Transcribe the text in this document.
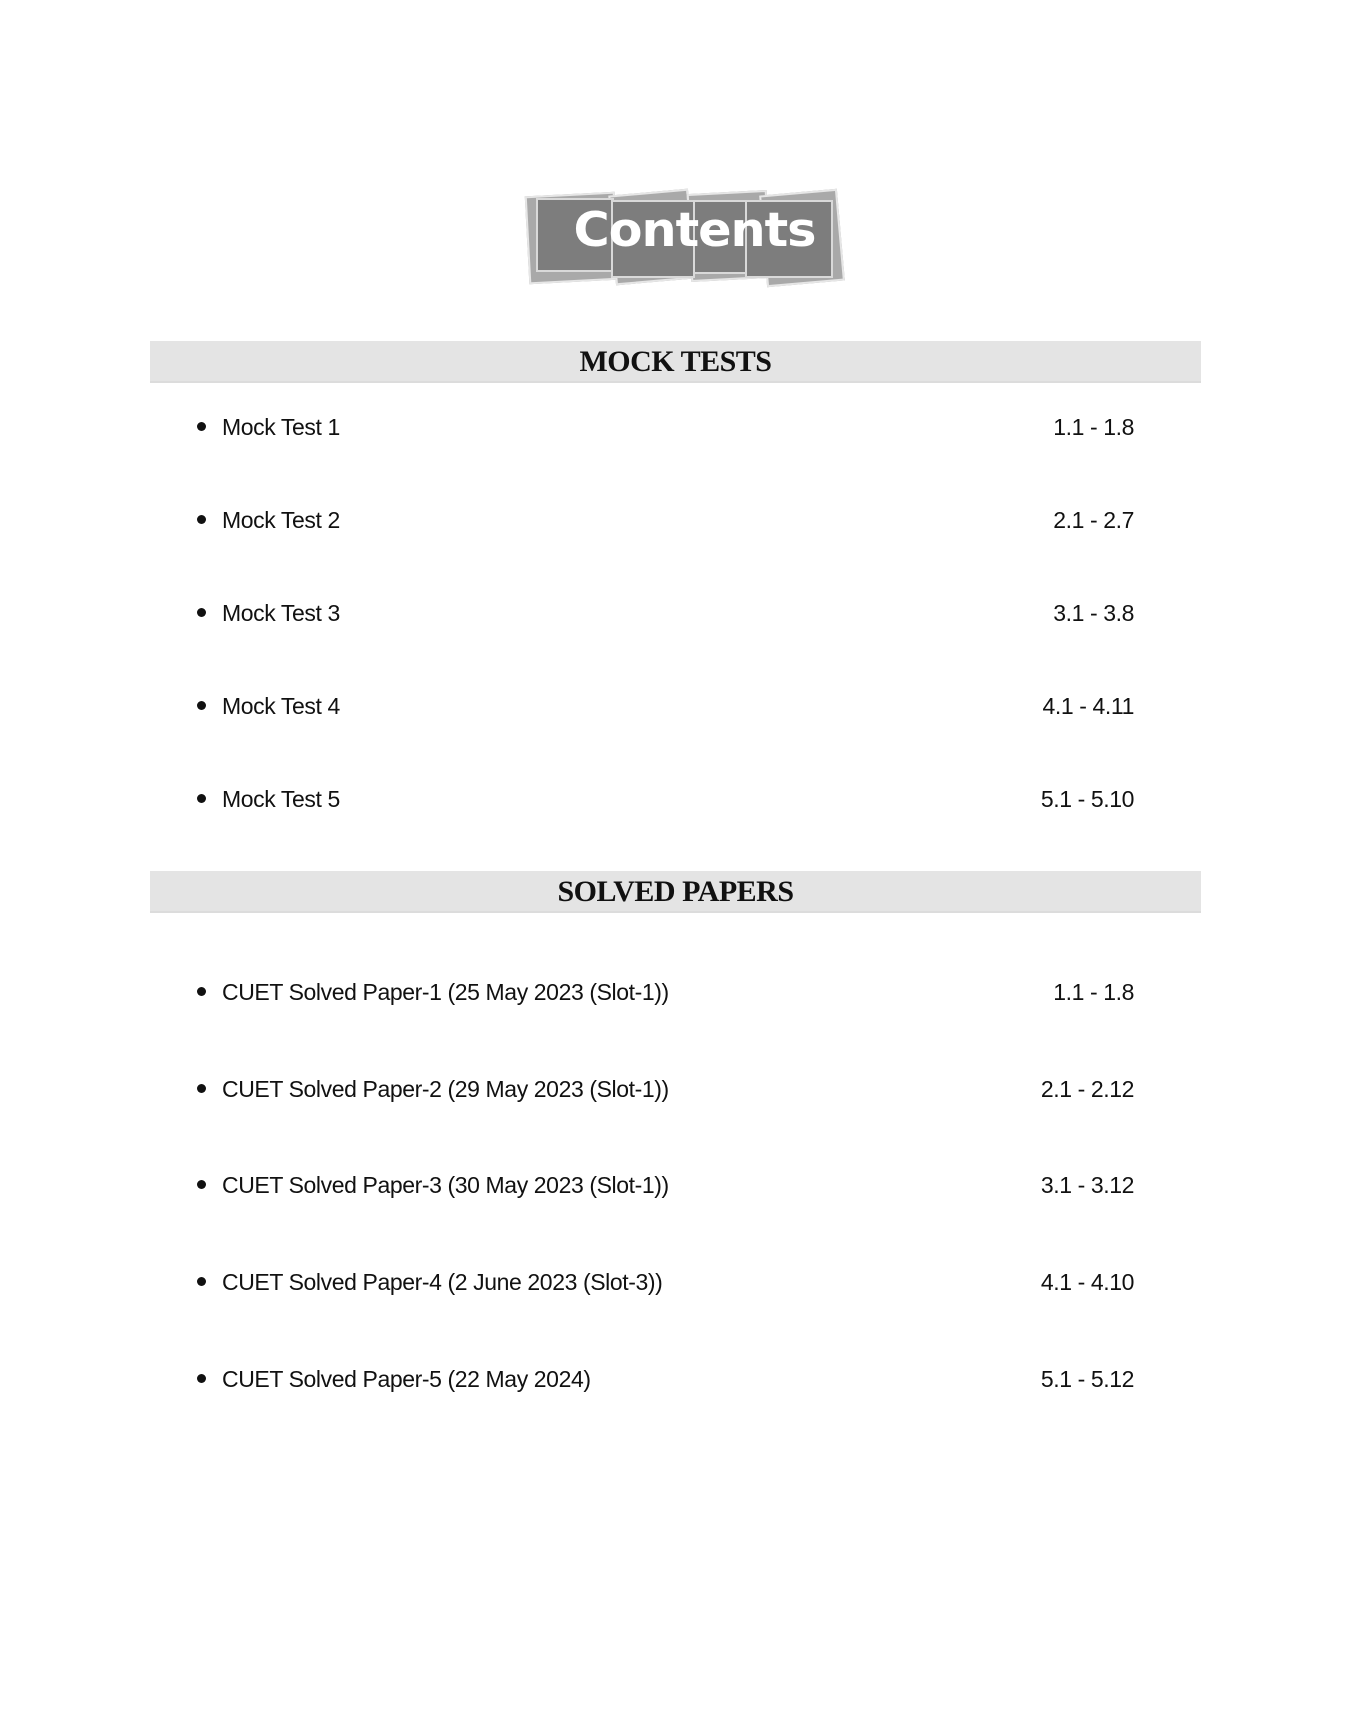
Contents
MOCK TESTS
Mock Test 1	1.1 - 1.8
Mock Test 2	2.1 - 2.7
Mock Test 3	3.1 - 3.8
Mock Test 4	4.1 - 4.11
Mock Test 5	5.1 - 5.10
SOLVED PAPERS
CUET Solved Paper-1 (25 May 2023 (Slot-1))	1.1 - 1.8
CUET Solved Paper-2 (29 May 2023 (Slot-1))	2.1 - 2.12
CUET Solved Paper-3 (30 May 2023 (Slot-1))	3.1 - 3.12
CUET Solved Paper-4 (2 June 2023 (Slot-3))	4.1 - 4.10
CUET Solved Paper-5 (22 May 2024)	5.1 - 5.12
